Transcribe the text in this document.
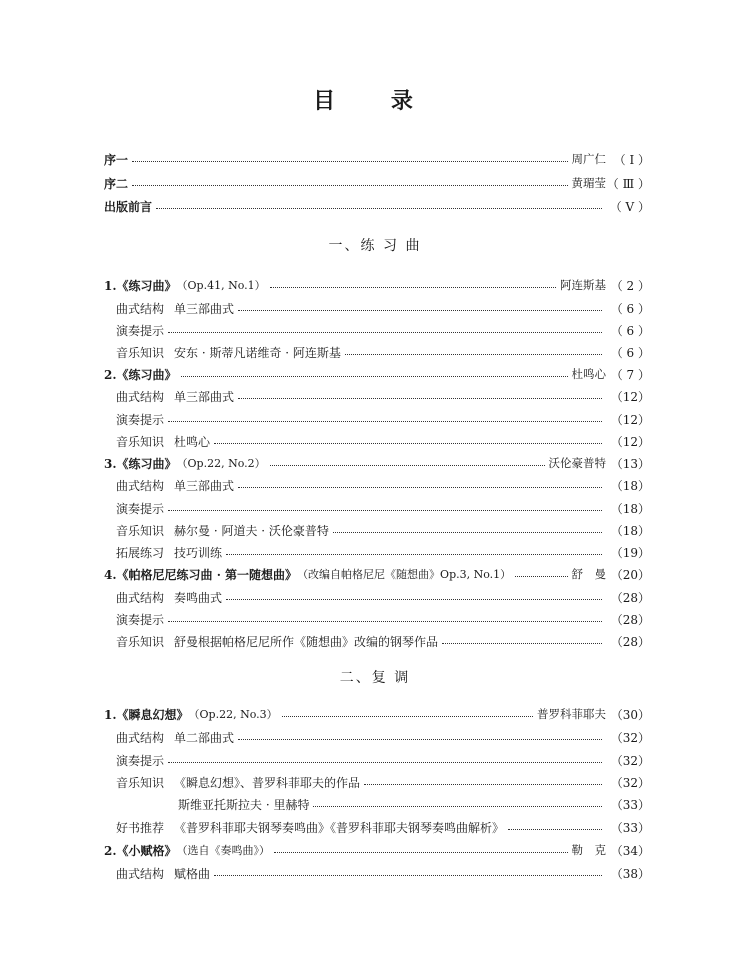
目 录
序一	周广仁 （ Ⅰ ）
序二	黄瑂莹 （ Ⅲ ）
出版前言	（ Ⅴ ）
一、练 习 曲
1.《练习曲》 （Op.41, No.1）	阿连斯基 （ 2 ）
曲式结构 单三部曲式	（ 6 ）
演奏提示	（ 6 ）
音乐知识 安东 · 斯蒂凡诺维奇 · 阿连斯基	（ 6 ）
2.《练习曲》	杜鸣心 （ 7 ）
曲式结构 单三部曲式	（12）
演奏提示	（12）
音乐知识 杜鸣心	（12）
3.《练习曲》 （Op.22, No.2）	沃伦豪普特 （13）
曲式结构 单三部曲式	（18）
演奏提示	（18）
音乐知识 赫尔曼 · 阿道夫 · 沃伦豪普特	（18）
拓展练习 技巧训练	（19）
4.《帕格尼尼练习曲 · 第一随想曲》 （改编自帕格尼尼《随想曲》Op.3, No.1）	舒　曼 （20）
曲式结构 奏鸣曲式	（28）
演奏提示	（28）
音乐知识 舒曼根据帕格尼尼所作《随想曲》改编的钢琴作品	（28）
二、复 调
1.《瞬息幻想》 （Op.22, No.3）	普罗科菲耶夫 （30）
曲式结构 单二部曲式	（32）
演奏提示	（32）
音乐知识 《瞬息幻想》、普罗科菲耶夫的作品	（32）
斯维亚托斯拉夫 · 里赫特	（33）
好书推荐 《普罗科菲耶夫钢琴奏鸣曲》《普罗科菲耶夫钢琴奏鸣曲解析》	（33）
2.《小赋格》 （选自《奏鸣曲》）	勒　克 （34）
曲式结构 赋格曲	（38）
